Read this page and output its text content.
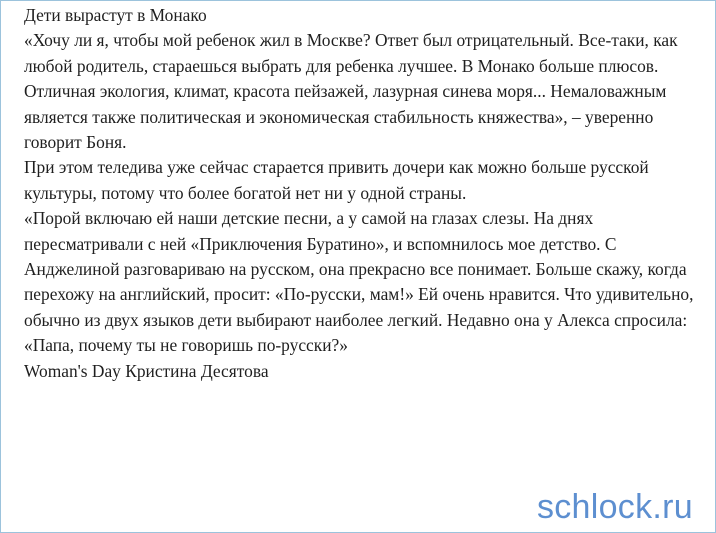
Дети вырастут в Монако

«Хочу ли я, чтобы мой ребенок жил в Москве? Ответ был отрицательный. Все-таки, как любой родитель, стараешься выбрать для ребенка лучшее. В Монако больше плюсов. Отличная экология, климат, красота пейзажей, лазурная синева моря... Немаловажным является также политическая и экономическая стабильность княжества», – уверенно говорит Боня.

При этом теледива уже сейчас старается привить дочери как можно больше русской культуры, потому что более богатой нет ни у одной страны.

«Порой включаю ей наши детские песни, а у самой на глазах слезы. На днях пересматривали с ней «Приключения Буратино», и вспомнилось мое детство. С Анджелиной разговариваю на русском, она прекрасно все понимает. Больше скажу, когда перехожу на английский, просит: «По-русски, мам!» Ей очень нравится. Что удивительно, обычно из двух языков дети выбирают наиболее легкий. Недавно она у Алекса спросила: «Папа, почему ты не говоришь по-русски?»

Woman's Day Кристина Десятова

schlock.ru
